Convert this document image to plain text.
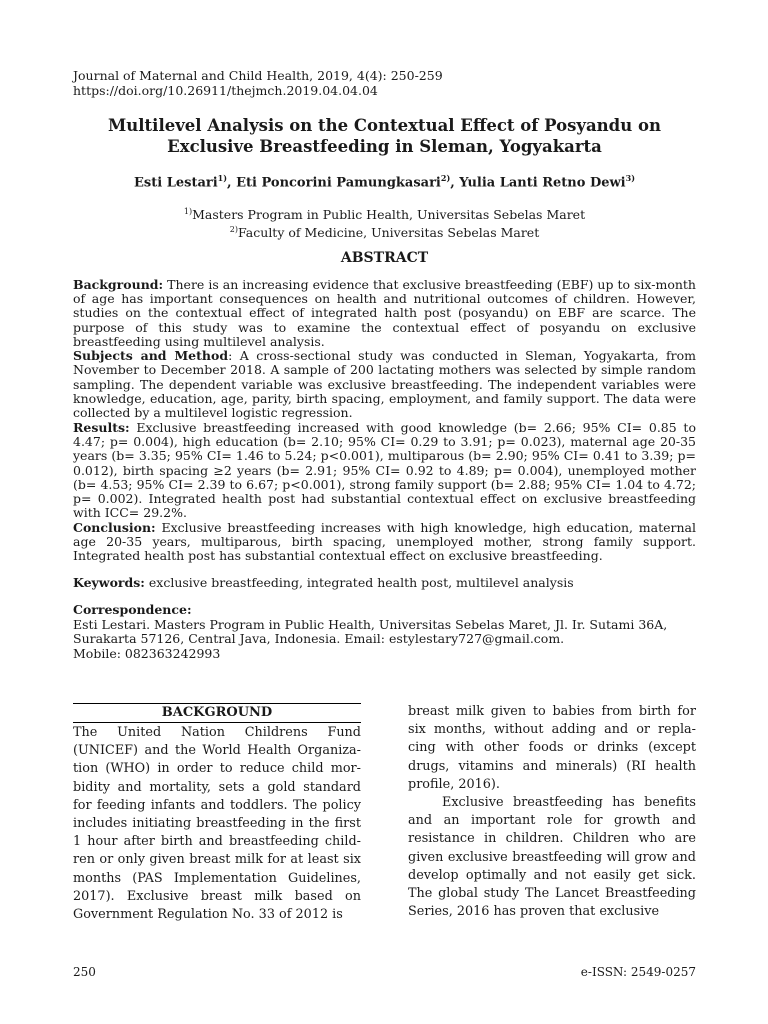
Journal of Maternal and Child Health, 2019, 4(4): 250-259
https://doi.org/10.26911/thejmch.2019.04.04.04
Multilevel Analysis on the Contextual Effect of Posyandu on
Exclusive Breastfeeding in Sleman, Yogyakarta
Esti Lestari$^{1)}$, Eti Poncorini Pamungkasari$^{2)}$, Yulia Lanti Retno Dewi$^{3)}$
$^{1)}$Masters Program in Public Health, Universitas Sebelas Maret
$^{2)}$Faculty of Medicine, Universitas Sebelas Maret
ABSTRACT

Background: There is an increasing evidence that exclusive breastfeeding (EBF) up to six-month of age has important consequences on health and nutritional outcomes of children. However, studies on the contextual effect of integrated halth post (posyandu) on EBF are scarce. The purpose of this study was to examine the contextual effect of posyandu on exclusive breastfeeding using multilevel analysis.

Subjects and Method: A cross-sectional study was conducted in Sleman, Yogyakarta, from November to December 2018. A sample of 200 lactating mothers was selected by simple random sampling. The dependent variable was exclusive breastfeeding. The independent variables were knowledge, education, age, parity, birth spacing, employment, and family support. The data were collected by a multilevel logistic regression.

Results: Exclusive breastfeeding increased with good knowledge (b= 2.66; 95% CI= 0.85 to 4.47; p= 0.004), high education (b= 2.10; 95% CI= 0.29 to 3.91; p= 0.023), maternal age 20-35 years (b= 3.35; 95% CI= 1.46 to 5.24; p<0.001), multiparous (b= 2.90; 95% CI= 0.41 to 3.39; p= 0.012), birth spacing ≥2 years (b= 2.91; 95% CI= 0.92 to 4.89; p= 0.004), unemployed mother (b= 4.53; 95% CI= 2.39 to 6.67; p<0.001), strong family support (b= 2.88; 95% CI= 1.04 to 4.72; p= 0.002). Integrated health post had substantial contextual effect on exclusive breastfeeding with ICC= 29.2%.

Conclusion: Exclusive breastfeeding increases with high knowledge, high education, maternal age 20-35 years, multiparous, birth spacing, unemployed mother, strong family support. Integrated health post has substantial contextual effect on exclusive breastfeeding.

Keywords: exclusive breastfeeding, integrated health post, multilevel analysis

Correspondence:

Esti Lestari. Masters Program in Public Health, Universitas Sebelas Maret, Jl. Ir. Sutami 36A, Surakarta 57126, Central Java, Indonesia. Email: estylestary727@gmail.com.

Mobile: 082363242993

BACKGROUND

The United Nation Childrens Fund (UNICEF) and the World Health Organiza-tion (WHO) in order to reduce child mor-bidity and mortality, sets a gold standard for feeding infants and toddlers. The policy includes initiating breastfeeding in the first 1 hour after birth and breastfeeding child-ren or only given breast milk for at least six months (PAS Implementation Guidelines, 2017). Exclusive breast milk based on Government Regulation No. 33 of 2012 is

breast milk given to babies from birth for six months, without adding and or repla-cing with other foods or drinks (except drugs, vitamins and minerals) (RI health profile, 2016).

Exclusive breastfeeding has benefits and an important role for growth and resistance in children. Children who are given exclusive breastfeeding will grow and develop optimally and not easily get sick. The global study The Lancet Breastfeeding Series, 2016 has proven that exclusive

250	e-ISSN: 2549-0257
